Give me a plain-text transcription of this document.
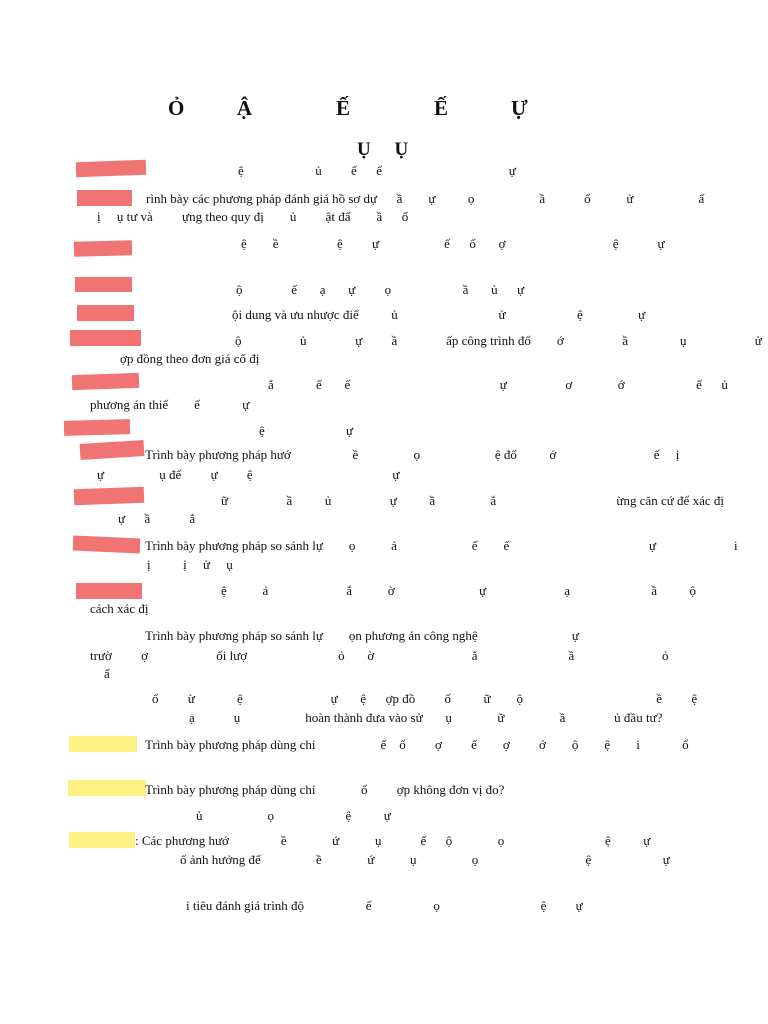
Ỏ          Ậ                Ế                Ế            Ự
Ụ     Ụ
ệ                      ủ         ế      ế                                       ự
rình bày các phương pháp đánh giá hồ sơ dự      ầ        ự          ọ                    ầ            ổ           ử                    ấ
ị     ụ tư và         ựng theo quy đị        ủ         ật đấ        ầ      ố
ệ        ề                  ệ         ự                    ế      ố       ợ                                 ệ            ự
ộ               ế       ạ       ự         ọ                      ầ       ủ      ự
ội dung và ưu nhược điể          ủ                               ử                      ệ                 ự
ộ                  ủ               ự         ầ               ấp công trình đố        ớ                  ầ                ụ                     ử
ợp đồng theo đơn giá cố đị
ắ             ế       ế                                              ự                  ơ              ớ                      ế      ủ
phương án thiế        ế             ự
ệ                         ự
Trình bày phương pháp hướ                   ề                 ọ                       ệ đố          ớ                              ế     ị
ự                 ụ để         ự         ệ                                           ự
ữ                  ầ          ủ                  ự          ầ                 ắ                                     ừng căn cứ để xác đị
ự      ầ            ắ
Trình bày phương pháp so sánh lự        ọ           ả                       ế        ế                                           ự                        i
ị          ị     ử     ụ
ệ           ả                        ắ           ờ                          ự                        ạ                         ầ          ộ
cách xác đị
Trình bày phương pháp so sánh lự        ọn phương án công nghệ                             ự
trườ         ợ                     ối lượ                            ỏ       ờ                              ắ                            ầ                           ỏ
ấ
ổ         ừ             ệ                           ự       ệ      ợp đồ         ổ          ữ        ộ                                         ề         ệ
ạ            ụ                    hoàn thành đưa vào sử       ụ              ữ                 ầ               ủ đầu tư?
Trình bày phương pháp dùng chỉ                    ế    ổ         ợ         ế        ợ         ớ        ộ        ệ        i             ổ
Trình bày phương pháp dùng chỉ              ổ         ợp không đơn vị đo?
ủ                    ọ                      ệ          ự
: Các phương hướ                ề              ứ           ụ            ế      ộ              ọ                               ệ          ự
ố ảnh hưởng đế                 ề              ứ           ụ                 ọ                                 ệ                      ự
i tiêu đánh giá trình độ                   ế                   ọ                               ệ         ự
